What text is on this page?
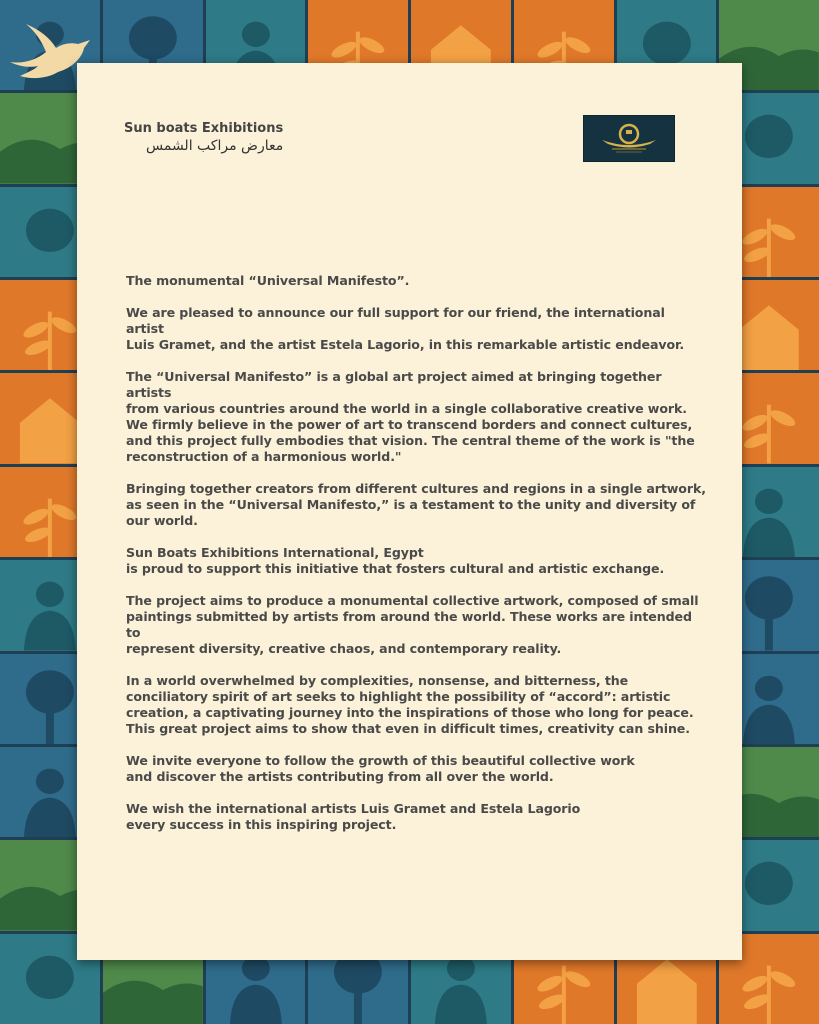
Sun boats Exhibitions
معارض مراكب الشمس

The monumental “Universal Manifesto”.

We are pleased to announce our full support for our friend, the international artist
Luis Gramet, and the artist Estela Lagorio, in this remarkable artistic endeavor.

The “Universal Manifesto” is a global art project aimed at bringing together artists
from various countries around the world in a single collaborative creative work.
We firmly believe in the power of art to transcend borders and connect cultures,
and this project fully embodies that vision. The central theme of the work is "the
reconstruction of a harmonious world."

Bringing together creators from different cultures and regions in a single artwork,
as seen in the “Universal Manifesto,” is a testament to the unity and diversity of
our world.

Sun Boats Exhibitions International, Egypt
is proud to support this initiative that fosters cultural and artistic exchange.

The project aims to produce a monumental collective artwork, composed of small
paintings submitted by artists from around the world. These works are intended to
represent diversity, creative chaos, and contemporary reality.

In a world overwhelmed by complexities, nonsense, and bitterness, the
conciliatory spirit of art seeks to highlight the possibility of “accord”: artistic
creation, a captivating journey into the inspirations of those who long for peace.
This great project aims to show that even in difficult times, creativity can shine.

We invite everyone to follow the growth of this beautiful collective work
and discover the artists contributing from all over the world.

We wish the international artists Luis Gramet and Estela Lagorio
every success in this inspiring project.
